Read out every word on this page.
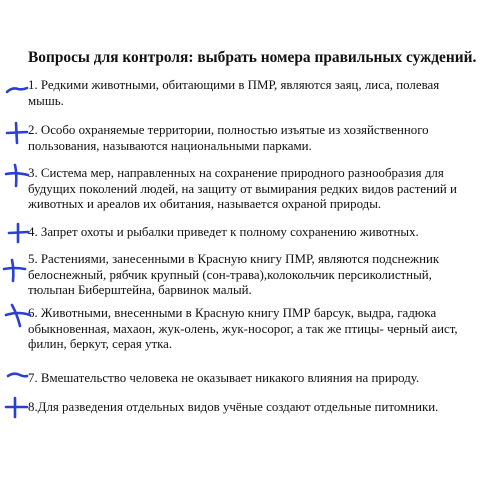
Вопросы для контроля: выбрать номера правильных суждений.
1. Редкими животными, обитающими в ПМР, являются заяц, лиса, полевая
мышь.
2. Особо охраняемые территории, полностью изъятые из хозяйственного
пользования, называются национальными парками.
3. Система мер, направленных на сохранение природного разнообразия для
будущих поколений людей, на защиту от вымирания редких видов растений и
животных и ареалов их обитания, называется охраной природы.
4. Запрет охоты и рыбалки приведет к полному сохранению животных.
5. Растениями, занесенными в Красную книгу ПМР, являются подснежник
белоснежный, рябчик крупный (сон-трава),колокольчик персиколистный,
тюльпан Биберштейна, барвинок малый.
6. Животными, внесенными в Красную книгу ПМР барсук, выдра, гадюка
обыкновенная, махаон, жук-олень, жук-носорог, а так же птицы- черный аист,
филин, беркут, серая утка.
7. Вмешательство человека не оказывает никакого влияния на природу.
8.Для разведения отдельных видов учёные создают отдельные питомники.
